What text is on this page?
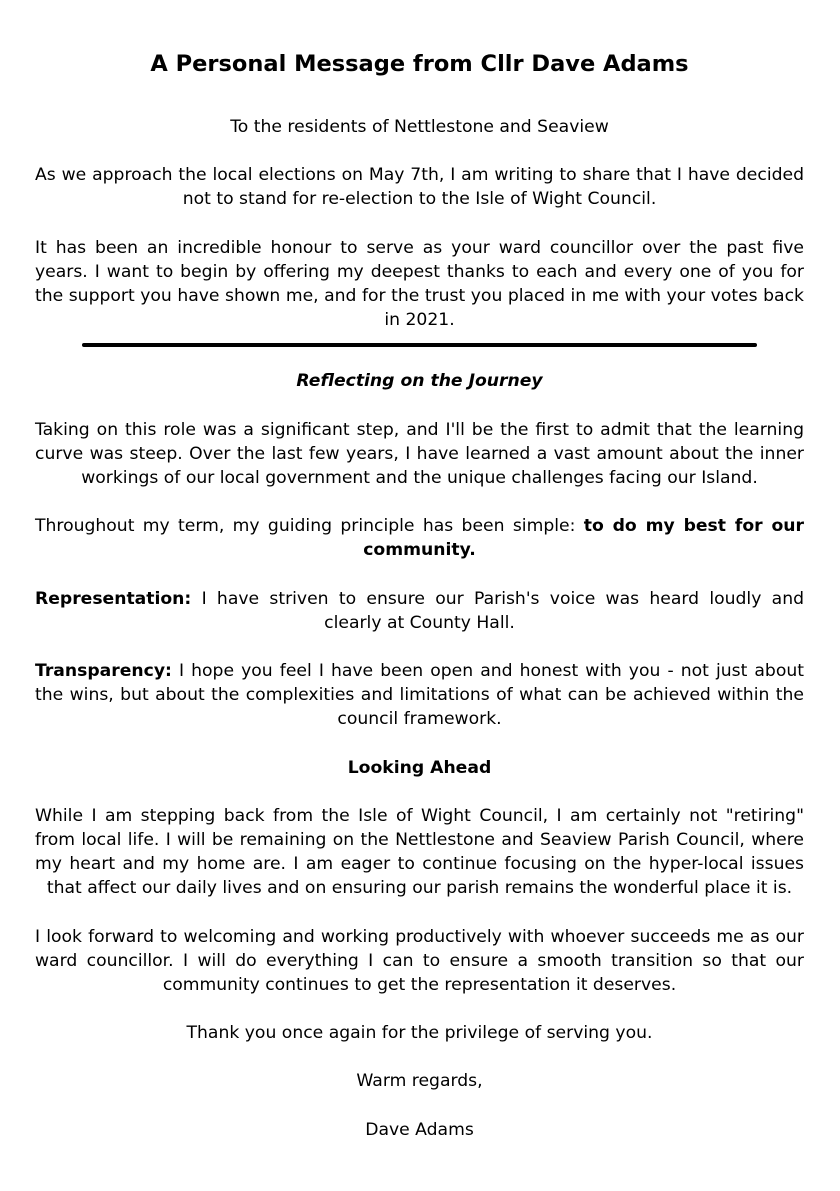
A Personal Message from Cllr Dave Adams

To the residents of Nettlestone and Seaview

As we approach the local elections on May 7th, I am writing to share that I have decided not to stand for re-election to the Isle of Wight Council.

It has been an incredible honour to serve as your ward councillor over the past five years. I want to begin by offering my deepest thanks to each and every one of you for the support you have shown me, and for the trust you placed in me with your votes back in 2021.

Reflecting on the Journey

Taking on this role was a significant step, and I'll be the first to admit that the learning curve was steep. Over the last few years, I have learned a vast amount about the inner workings of our local government and the unique challenges facing our Island.

Throughout my term, my guiding principle has been simple: to do my best for our community.

Representation: I have striven to ensure our Parish's voice was heard loudly and clearly at County Hall.

Transparency: I hope you feel I have been open and honest with you - not just about the wins, but about the complexities and limitations of what can be achieved within the council framework.

Looking Ahead

While I am stepping back from the Isle of Wight Council, I am certainly not "retiring" from local life. I will be remaining on the Nettlestone and Seaview Parish Council, where my heart and my home are. I am eager to continue focusing on the hyper-local issues that affect our daily lives and on ensuring our parish remains the wonderful place it is.

I look forward to welcoming and working productively with whoever succeeds me as our ward councillor. I will do everything I can to ensure a smooth transition so that our community continues to get the representation it deserves.

Thank you once again for the privilege of serving you.

Warm regards,

Dave Adams
